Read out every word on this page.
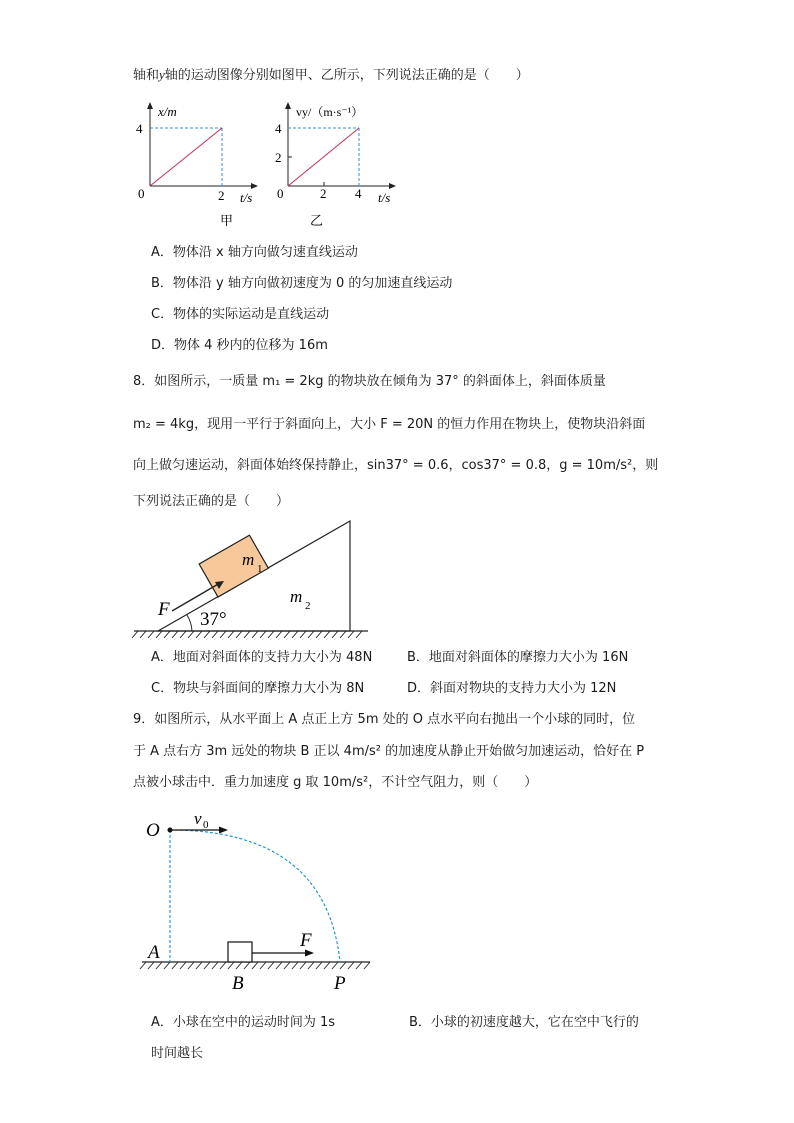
轴和y轴的运动图像分别如图甲、乙所示，下列说法正确的是（　　）
x/m
4
0	2 t/s
甲
vy/（m·s⁻¹）
4
2
0	2 4 t/s
乙
A．物体沿 x 轴方向做匀速直线运动
B．物体沿 y 轴方向做初速度为 0 的匀加速直线运动
C．物体的实际运动是直线运动
D．物体 4 秒内的位移为 16m
8．如图所示，一质量 m₁ = 2kg 的物块放在倾角为 37° 的斜面体上，斜面体质量
m₂ = 4kg，现用一平行于斜面向上，大小 F = 20N 的恒力作用在物块上，使物块沿斜面
向上做匀速运动，斜面体始终保持静止，sin37° = 0.6，cos37° = 0.8，g = 10m/s²，则
下列说法正确的是（　　）
F 37°
m 1
m 2
A．地面对斜面体的支持力大小为 48N	B．地面对斜面体的摩擦力大小为 16N
C．物块与斜面间的摩擦力大小为 8N	D．斜面对物块的支持力大小为 12N
9．如图所示，从水平面上 A 点正上方 5m 处的 O 点水平向右抛出一个小球的同时，位
于 A 点右方 3m 远处的物块 B 正以 4m/s² 的加速度从静止开始做匀加速运动，恰好在 P
点被小球击中．重力加速度 g 取 10m/s²，不计空气阻力，则（　　）
O
v 0
A
F
B	P
A．小球在空中的运动时间为 1s	B．小球的初速度越大，它在空中飞行的
时间越长
